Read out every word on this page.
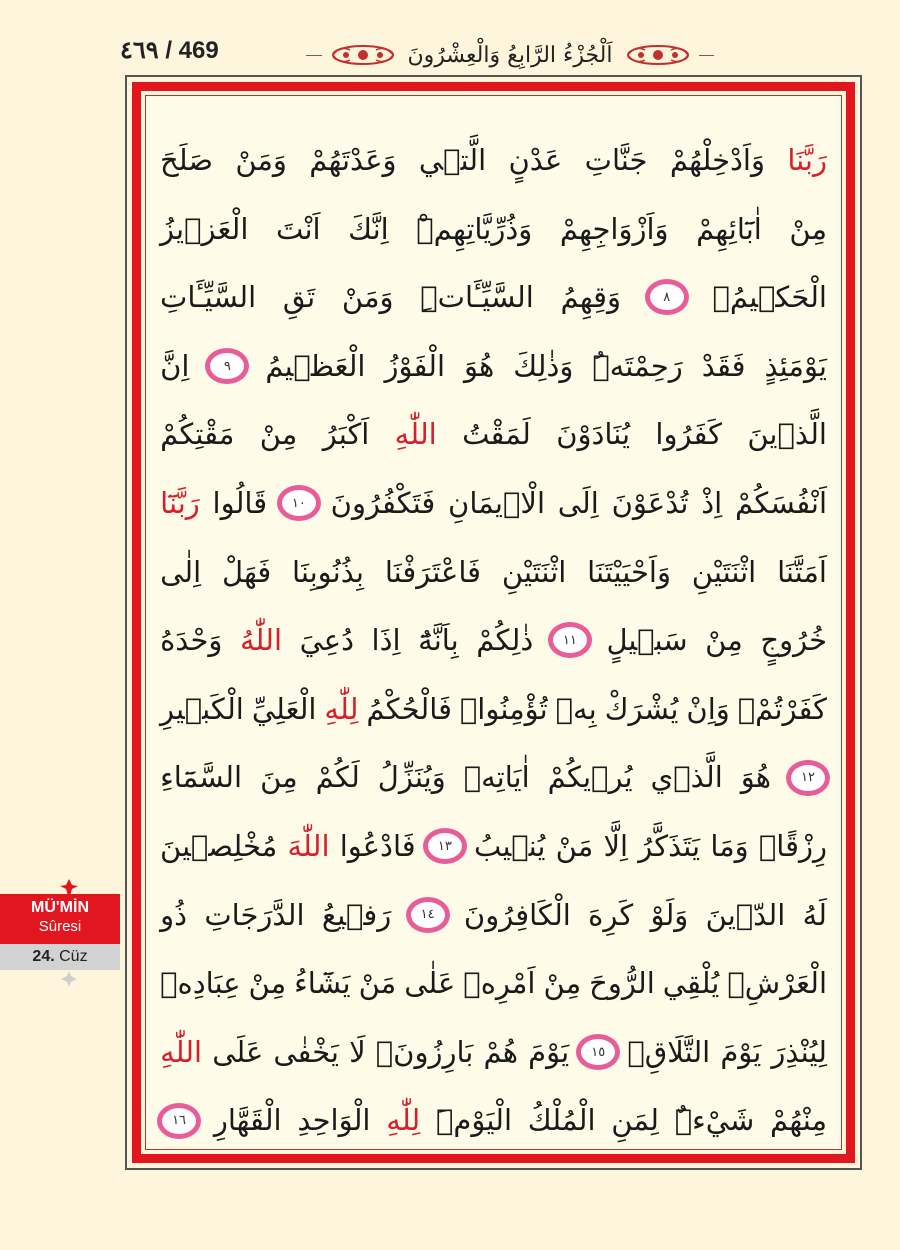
٤٦٩ / 469	اَلْجُزْءُ الرَّابِعُ وَالْعِشْرُونَ
رَبَّنَا
وَاَدْخِلْهُمْ
جَنَّاتِ
عَدْنٍ
الَّت۪ي
وَعَدْتَهُمْ
وَمَنْ
صَلَحَ
مِنْ
اٰبَٓائِهِمْ
وَاَزْوَاجِهِمْ
وَذُرِّيَّاتِهِمْۜ
اِنَّكَ
اَنْتَ
الْعَز۪يزُ
الْحَك۪يمُۙ
٨
وَقِهِمُ
السَّيِّـَٔاتِۜ
وَمَنْ
تَقِ
السَّيِّـَٔاتِ
يَوْمَئِذٍ
فَقَدْ
رَحِمْتَهُۜ
وَذٰلِكَ
هُوَ
الْفَوْزُ
الْعَظ۪يمُ
٩
اِنَّ
الَّذ۪ينَ
كَفَرُوا
يُنَادَوْنَ
لَمَقْتُ
اللّٰهِ
اَكْبَرُ
مِنْ
مَقْتِكُمْ
اَنْفُسَكُمْ
اِذْ
تُدْعَوْنَ
اِلَى
الْا۪يمَانِ
فَتَكْفُرُونَ
١٠
قَالُوا
رَبَّنَٓا
اَمَتَّنَا
اثْنَتَيْنِ
وَاَحْيَيْتَنَا
اثْنَتَيْنِ
فَاعْتَرَفْنَا
بِذُنُوبِنَا
فَهَلْ
اِلٰى
خُرُوجٍ
مِنْ
سَب۪يلٍ
١١
ذٰلِكُمْ
بِاَنَّهُٓ
اِذَا
دُعِيَ
اللّٰهُ
وَحْدَهُ
كَفَرْتُمْۚ
وَاِنْ
يُشْرَكْ
بِه۪
تُؤْمِنُواۜ
فَالْحُكْمُ
لِلّٰهِ
الْعَلِيِّ
الْكَب۪يرِ
١٢
هُوَ
الَّذ۪ي
يُر۪يكُمْ
اٰيَاتِه۪
وَيُنَزِّلُ
لَكُمْ
مِنَ
السَّمَٓاءِ
رِزْقًاۜ
وَمَا
يَتَذَكَّرُ
اِلَّا
مَنْ
يُن۪يبُ
١٣
فَادْعُوا
اللّٰهَ
مُخْلِص۪ينَ
لَهُ
الدّ۪ينَ
وَلَوْ
كَرِهَ
الْكَافِرُونَ
١٤
رَف۪يعُ
الدَّرَجَاتِ
ذُو
الْعَرْشِۚ
يُلْقِي
الرُّوحَ
مِنْ
اَمْرِه۪
عَلٰى
مَنْ
يَشَٓاءُ
مِنْ
عِبَادِه۪
لِيُنْذِرَ
يَوْمَ
التَّلَاقِۙ
١٥
يَوْمَ
هُمْ
بَارِزُونَۚ
لَا
يَخْفٰى
عَلَى
اللّٰهِ
مِنْهُمْ
شَيْءٌۜ
لِمَنِ
الْمُلْكُ
الْيَوْمَۜ
لِلّٰهِ
الْوَاحِدِ
الْقَهَّارِ
١٦
MÜ'MİN
Sûresi
24. Cüz
